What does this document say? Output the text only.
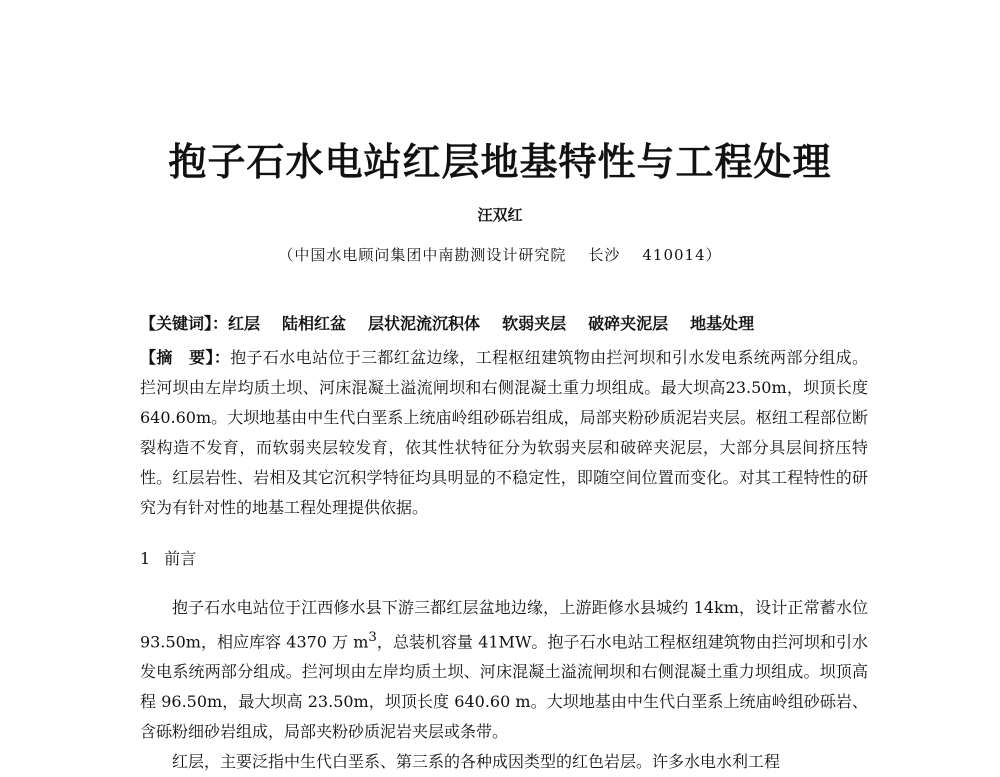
抱子石水电站红层地基特性与工程处理
汪双红
（中国水电顾问集团中南勘测设计研究院 长沙 410014）
【关键词】：红层 陆相红盆 层状泥流沉积体 软弱夹层 破碎夹泥层 地基处理
【摘　要】：抱子石水电站位于三都红盆边缘，工程枢纽建筑物由拦河坝和引水发电系统两部分组成。拦河坝由左岸均质土坝、河床混凝土溢流闸坝和右侧混凝土重力坝组成。最大坝高23.50m，坝顶长度640.60m。大坝地基由中生代白垩系上统庙岭组砂砾岩组成，局部夹粉砂质泥岩夹层。枢纽工程部位断裂构造不发育，而软弱夹层较发育，依其性状特征分为软弱夹层和破碎夹泥层，大部分具层间挤压特性。红层岩性、岩相及其它沉积学特征均具明显的不稳定性，即随空间位置而变化。对其工程特性的研究为有针对性的地基工程处理提供依据。
1 前言

抱子石水电站位于江西修水县下游三都红层盆地边缘，上游距修水县城约 14km，设计正常蓄水位 93.50m，相应库容 4370 万 $m^3$，总装机容量 41MW。抱子石水电站工程枢纽建筑物由拦河坝和引水发电系统两部分组成。拦河坝由左岸均质土坝、河床混凝土溢流闸坝和右侧混凝土重力坝组成。坝顶高程 96.50m，最大坝高 23.50m，坝顶长度 640.60 m。大坝地基由中生代白垩系上统庙岭组砂砾岩、含砾粉细砂岩组成，局部夹粉砂质泥岩夹层或条带。

红层，主要泛指中生代白垩系、第三系的各种成因类型的红色岩层。许多水电水利工程
